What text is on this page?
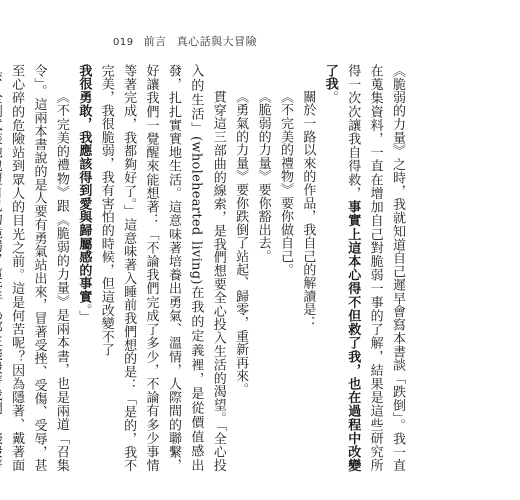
019 前言 真心話與大冒險

《脆弱的力量》之時，我就知道自己遲早會寫本書談「跌倒」。我一直在蒐集資料，一直在增加自己對脆弱一事的了解，結果是這些研究所得一次次讓我自得救，事實上這本心得不但救了我，也在過程中改變了我。

關於一路以來的作品，我自己的解讀是：

《不完美的禮物》要你做自己。

《脆弱的力量》要你豁出去。

《勇氣的力量》要你跌倒了站起、歸零，重新再來。

貫穿這三部曲的線索，是我們想要全心投入生活的渴望。「全心投入的生活」(wholehearted living)在我的定義裡，是從價值感出發，扎扎實實地生活。這意味著培養出勇氣、溫情，人際間的聯繫，好讓我們一覺醒來能想著：「不論我們完成了多少，不論有多少事情等著完成，我都夠好了。」這意味著入睡前我們想的是：「是的，我不完美，我很脆弱，我有害怕的時候，但這改變不了

我很勇敢，我應該得到愛與歸屬感的事實。」

《不完美的禮物》跟《脆弱的力量》是兩本書，也是兩道「召集令」。這兩本書說的是人要有勇氣站出來，冒著受挫、受傷、受辱，甚至心碎的危險站到眾人的目光之前。這是何苦呢？因為隱著、戴著面
